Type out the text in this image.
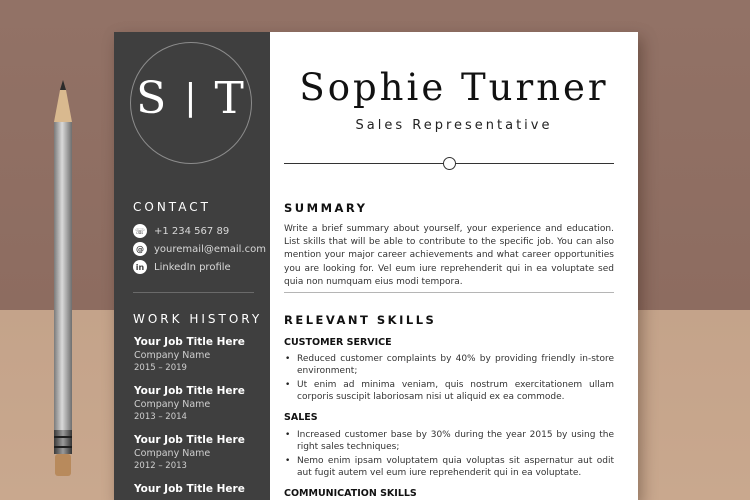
S | T
CONTACT
☏ +1 234 567 89
@	youremail@email.com
in LinkedIn profile
WORK HISTORY
Your Job Title Here
Company Name
2015 – 2019
Your Job Title Here
Company Name
2013 – 2014
Your Job Title Here
Company Name
2012 – 2013
Your Job Title Here
Sophie Turner
Sales Representative
SUMMARY
Write a brief summary about yourself, your experience and education. List skills that will be able to contribute to the specific job. You can also mention your major career achievements and what career opportunities you are looking for. Vel eum iure reprehenderit qui in ea voluptate sed quia non numquam eius modi tempora.
RELEVANT SKILLS
CUSTOMER SERVICE
• Reduced customer complaints by 40% by providing friendly in-store environment;
• Ut enim ad minima veniam, quis nostrum exercitationem ullam corporis suscipit laboriosam nisi ut aliquid ex ea commode.
SALES
• Increased customer base by 30% during the year 2015 by using the right sales techniques;
• Nemo enim ipsam voluptatem quia voluptas sit aspernatur aut odit aut fugit autem vel eum iure reprehenderit qui in ea voluptate.
COMMUNICATION SKILLS
